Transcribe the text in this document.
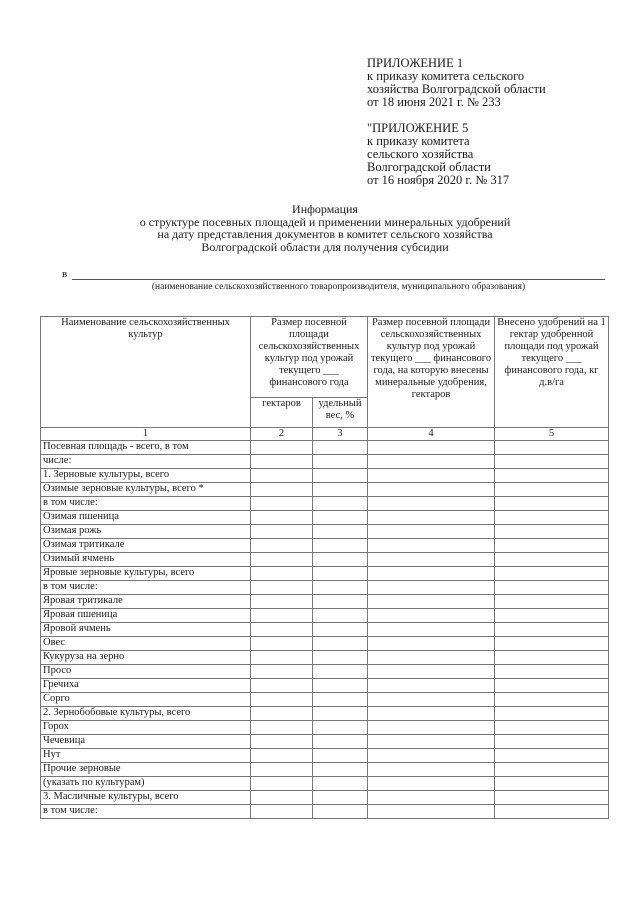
ПРИЛОЖЕНИЕ 1
к приказу комитета сельского
хозяйства Волгоградской области
от 18 июня 2021 г. № 233
"ПРИЛОЖЕНИЕ 5
к приказу комитета
сельского хозяйства
Волгоградской области
от 16 ноября 2020 г. № 317
Информация
о структуре посевных площадей и применении минеральных удобрений
на дату представления документов в комитет сельского хозяйства
Волгоградской области для получения субсидии
в
(наименование сельскохозяйственного товаропроизводителя, муниципального образования)
Наименование сельскохозяйственных культур	Размер посевной площади сельскохозяйственных культур под урожай текущего ___ финансового года		Размер посевной площади сельскохозяйственных культур под урожай текущего ___ финансового года, на которую внесены минеральные удобрения, гектаров	Внесено удобрений на 1 гектар удобренной площади под урожай текущего ___ финансового года, кг д.в/га
	гектаров	удельный вес, %		
1	2	3	4	5
Посевная площадь - всего, в том				
числе:				
1. Зерновые культуры, всего				
Озимые зерновые культуры, всего *				
в том числе:				
Озимая пшеница				
Озимая рожь				
Озимая тритикале				
Озимый ячмень				
Яровые зерновые культуры, всего				
в том числе:				
Яровая тритикале				
Яровая пшеница				
Яровой ячмень				
Овес				
Кукуруза на зерно				
Просо				
Гречиха				
Сорго				
2. Зернобобовые культуры, всего				
Горох				
Чечевица				
Нут				
Прочие зерновые				
(указать по культурам)				
3. Масличные культуры, всего				
в том числе:				
